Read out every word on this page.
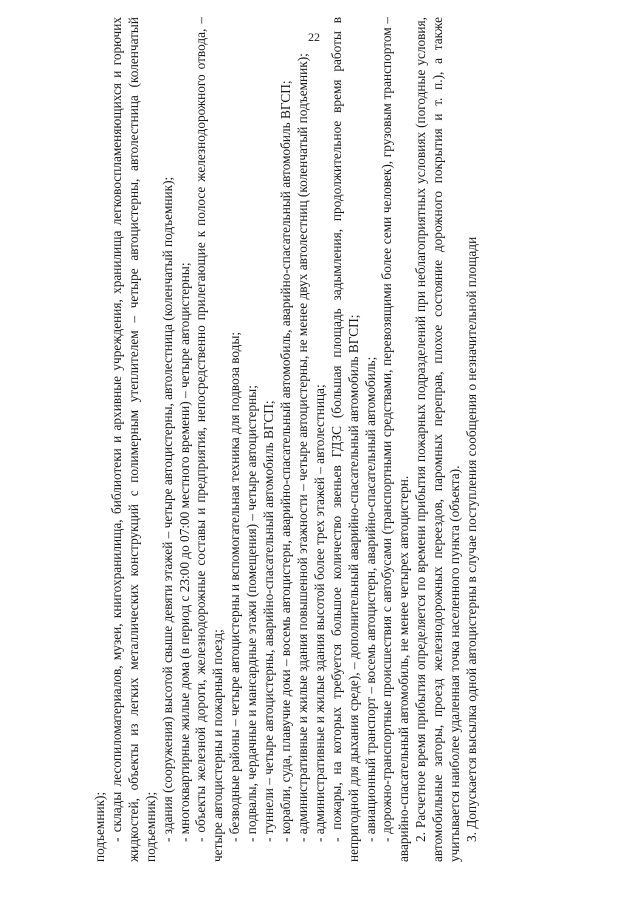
22

подъемник); - склады лесопиломатериалов, музеи, книгохранилища, библиотеки и архивные учреждения, хранилища легковоспламеняющихся и горючих жидкостей, объекты из легких металлических конструкций с полимерным утеплителем – четыре автоцистерны, автолестница (коленчатый подъемник); - здания (сооружения) высотой свыше девяти этажей – четыре автоцистерны, автолестница (коленчатый подъемник); - многоквартирные жилые дома (в период с 23:00 до 07:00 местного времени) – четыре автоцистерны; - объекты железной дороги, железнодорожные составы и предприятия, непосредственно прилегающие к полосе железнодорожного отвода, – четыре автоцистерны и пожарный поезд; - безводные районы – четыре автоцистерны и вспомогательная техника для подвоза воды; - подвалы, чердачные и мансардные этажи (помещения) – четыре автоцистерны; - туннели – четыре автоцистерны, аварийно-спасательный автомобиль ВГСП; - корабли, суда, плавучие доки – восемь автоцистерн, аварийно-спасательный автомобиль, аварийно-спасательный автомобиль ВГСП; - административные и жилые здания повышенной этажности – четыре автоцистерны, не менее двух автолестниц (коленчатый подъемник); - административные и жилые здания высотой более трех этажей – автолестница; - пожары, на которых требуется большое количество звеньев ГДЗС (большая площадь задымления, продолжительное время работы в непригодной для дыхания среде), – дополнительный аварийно-спасательный автомобиль ВГСП; - авиационный транспорт – восемь автоцистерн, аварийно-спасательный автомобиль; - дорожно-транспортные происшествия с автобусами (транспортными средствами, перевозящими более семи человек), грузовым транспортом – аварийно-спасательный автомобиль, не менее четырех автоцистерн. 2. Расчетное время прибытия определяется по времени прибытия пожарных подразделений при неблагоприятных условиях (погодные условия, автомобильные заторы, проезд железнодорожных переездов, паромных переправ, плохое состояние дорожного покрытия и т. п.), а также учитывается наиболее удаленная точка населенного пункта (объекта). 3. Допускается высылка одной автоцистерны в случае поступления сообщения о незначительной площади
